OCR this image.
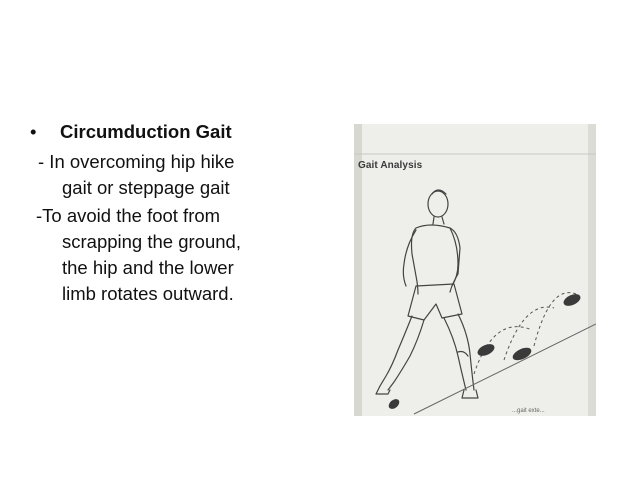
•	Circumduction Gait

- In overcoming hip hike
gait or steppage gait

-To avoid the foot from
scrapping the ground,
the hip and the lower
limb rotates outward.

Gait Analysis
...gait exte...
